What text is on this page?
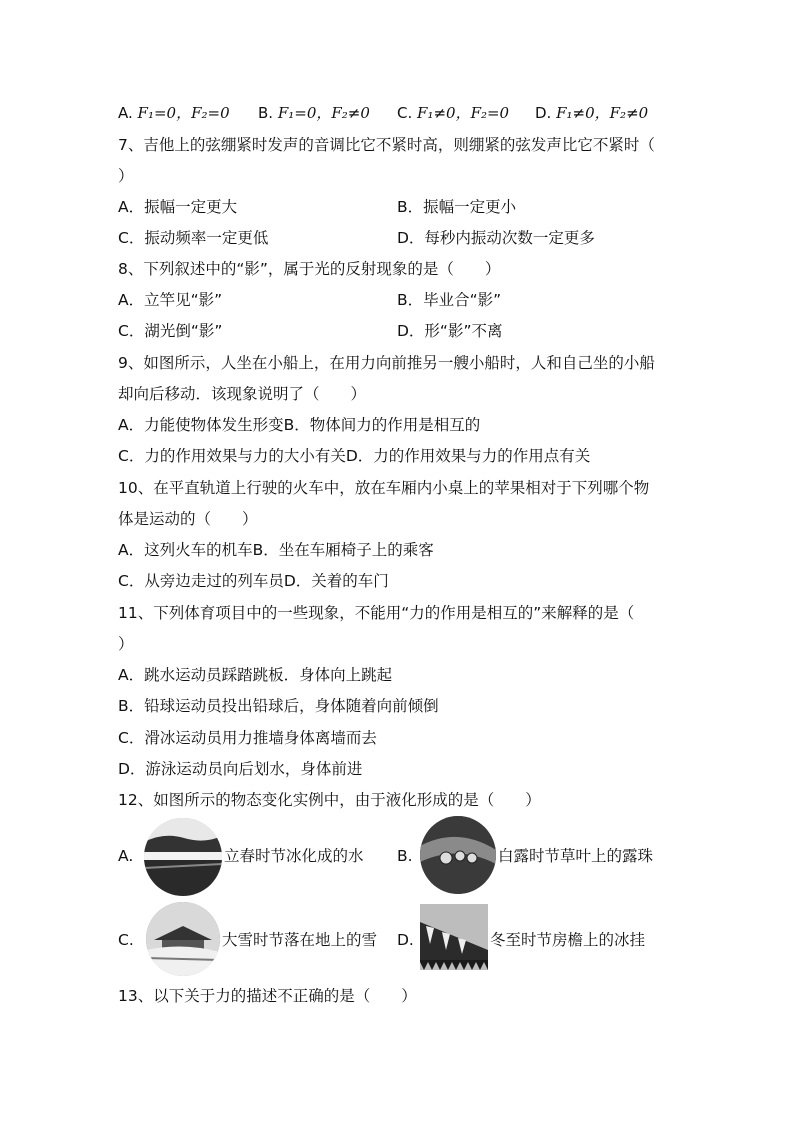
A. F₁=0，F₂=0 B. F₁=0，F₂≠0 C. F₁≠0，F₂=0 D. F₁≠0，F₂≠0
7、吉他上的弦绷紧时发声的音调比它不紧时高，则绷紧的弦发声比它不紧时（
）
A．振幅一定更大	B．振幅一定更小
C．振动频率一定更低	D．每秒内振动次数一定更多
8、下列叙述中的“影”，属于光的反射现象的是（　　）
A．立竿见“影”	B．毕业合“影”
C．湖光倒“影”	D．形“影”不离
9、如图所示，人坐在小船上，在用力向前推另一艘小船时，人和自己坐的小船
却向后移动．该现象说明了（　　）
A．力能使物体发生形变B．物体间力的作用是相互的
C．力的作用效果与力的大小有关D．力的作用效果与力的作用点有关
10、在平直轨道上行驶的火车中，放在车厢内小桌上的苹果相对于下列哪个物
体是运动的（　　）
A．这列火车的机车B．坐在车厢椅子上的乘客
C．从旁边走过的列车员D．关着的车门
11、下列体育项目中的一些现象，不能用“力的作用是相互的”来解释的是（
）
A．跳水运动员踩踏跳板．身体向上跳起
B．铅球运动员投出铅球后，身体随着向前倾倒
C．滑冰运动员用力推墙身体离墙而去
D．游泳运动员向后划水，身体前进
12、如图所示的物态变化实例中，由于液化形成的是（　　）
A.	立春时节冰化成的水 B.	白露时节草叶上的露珠
C.	大雪时节落在地上的雪 D.	冬至时节房檐上的冰挂
13、以下关于力的描述不正确的是（　　）
